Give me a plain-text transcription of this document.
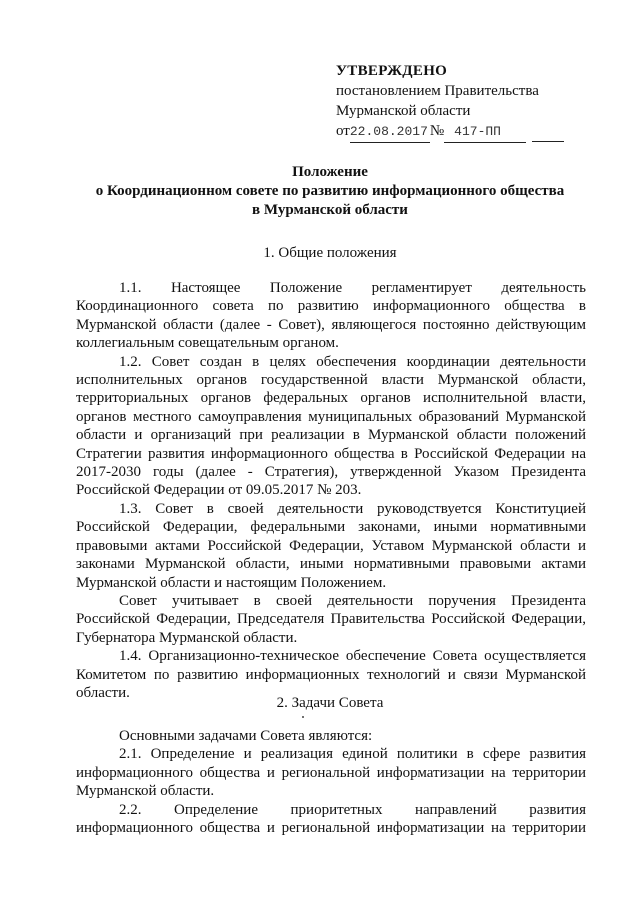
УТВЕРЖДЕНО
постановлением Правительства
Мурманской области
от22.08.2017 № 417-ПП
Положение
о Координационном совете по развитию информационного общества
в Мурманской области
1. Общие положения

1.1. Настоящее Положение регламентирует деятельность Координационного совета по развитию информационного общества в Мурманской области (далее - Совет), являющегося постоянно действующим коллегиальным совещательным органом.

1.2. Совет создан в целях обеспечения координации деятельности исполнительных органов государственной власти Мурманской области, территориальных органов федеральных органов исполнительной власти, органов местного самоуправления муниципальных образований Мурманской области и организаций при реализации в Мурманской области положений Стратегии развития информационного общества в Российской Федерации на 2017-2030 годы (далее - Стратегия), утвержденной Указом Президента Российской Федерации от 09.05.2017 № 203.

1.3. Совет в своей деятельности руководствуется Конституцией Российской Федерации, федеральными законами, иными нормативными правовыми актами Российской Федерации, Уставом Мурманской области и законами Мурманской области, иными нормативными правовыми актами Мурманской области и настоящим Положением.

Совет учитывает в своей деятельности поручения Президента Российской Федерации, Председателя Правительства Российской Федерации, Губернатора Мурманской области.

1.4. Организационно-техническое обеспечение Совета осуществляется Комитетом по развитию информационных технологий и связи Мурманской области.

2. Задачи Совета

Основными задачами Совета являются:

2.1. Определение и реализация единой политики в сфере развития информационного общества и региональной информатизации на территории Мурманской области.

2.2. Определение приоритетных направлений развития информационного общества и региональной информатизации на территории
